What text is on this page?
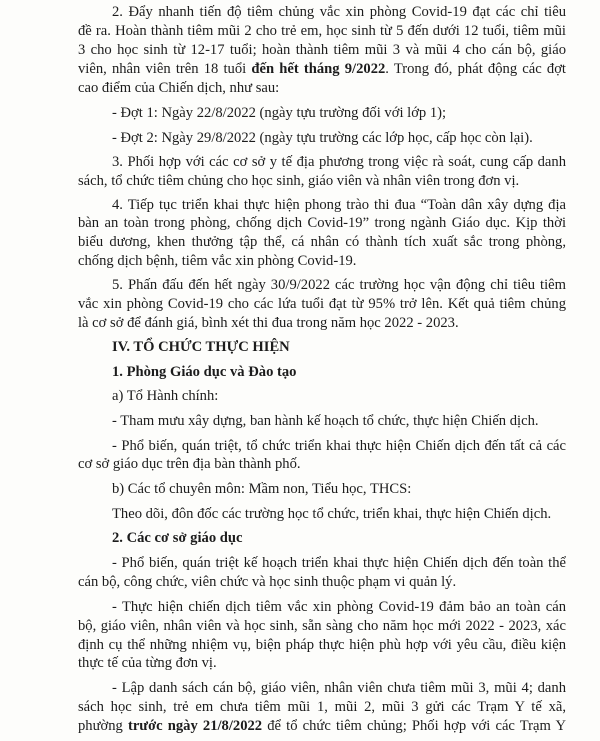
2. Đẩy nhanh tiến độ tiêm chủng vắc xin phòng Covid-19 đạt các chỉ tiêu
đề ra. Hoàn thành tiêm mũi 2 cho trẻ em, học sinh từ 5 đến dưới 12 tuổi, tiêm mũi
3 cho học sinh từ 12-17 tuổi; hoàn thành tiêm mũi 3 và mũi 4 cho cán bộ, giáo
viên, nhân viên trên 18 tuổi đến hết tháng 9/2022. Trong đó, phát động các đợt
cao điểm của Chiến dịch, như sau:
- Đợt 1: Ngày 22/8/2022 (ngày tựu trường đối với lớp 1);
- Đợt 2: Ngày 29/8/2022 (ngày tựu trường các lớp học, cấp học còn lại).
3. Phối hợp với các cơ sở y tế địa phương trong việc rà soát, cung cấp danh
sách, tổ chức tiêm chủng cho học sinh, giáo viên và nhân viên trong đơn vị.
4. Tiếp tục triển khai thực hiện phong trào thi đua “Toàn dân xây dựng địa
bàn an toàn trong phòng, chống dịch Covid-19” trong ngành Giáo dục. Kịp thời
biểu dương, khen thưởng tập thể, cá nhân có thành tích xuất sắc trong phòng,
chống dịch bệnh, tiêm vắc xin phòng Covid-19.
5. Phấn đấu đến hết ngày 30/9/2022 các trường học vận động chỉ tiêu tiêm
vắc xin phòng Covid-19 cho các lứa tuổi đạt từ 95% trở lên. Kết quả tiêm chủng
là cơ sở để đánh giá, bình xét thi đua trong năm học 2022 - 2023.
IV. TỔ CHỨC THỰC HIỆN
1. Phòng Giáo dục và Đào tạo
a) Tổ Hành chính:
- Tham mưu xây dựng, ban hành kế hoạch tổ chức, thực hiện Chiến dịch.
- Phổ biến, quán triệt, tổ chức triển khai thực hiện Chiến dịch đến tất cả các
cơ sở giáo dục trên địa bàn thành phố.
b) Các tổ chuyên môn: Mầm non, Tiểu học, THCS:
Theo dõi, đôn đốc các trường học tổ chức, triển khai, thực hiện Chiến dịch.
2. Các cơ sở giáo dục
- Phổ biến, quán triệt kế hoạch triển khai thực hiện Chiến dịch đến toàn thể
cán bộ, công chức, viên chức và học sinh thuộc phạm vi quản lý.
- Thực hiện chiến dịch tiêm vắc xin phòng Covid-19 đảm bảo an toàn cán
bộ, giáo viên, nhân viên và học sinh, sẵn sàng cho năm học mới 2022 - 2023, xác
định cụ thể những nhiệm vụ, biện pháp thực hiện phù hợp với yêu cầu, điều kiện
thực tế của từng đơn vị.
- Lập danh sách cán bộ, giáo viên, nhân viên chưa tiêm mũi 3, mũi 4; danh
sách học sinh, trẻ em chưa tiêm mũi 1, mũi 2, mũi 3 gửi các Trạm Y tế xã,
phường trước ngày 21/8/2022 để tổ chức tiêm chủng; Phối hợp với các Trạm Y
